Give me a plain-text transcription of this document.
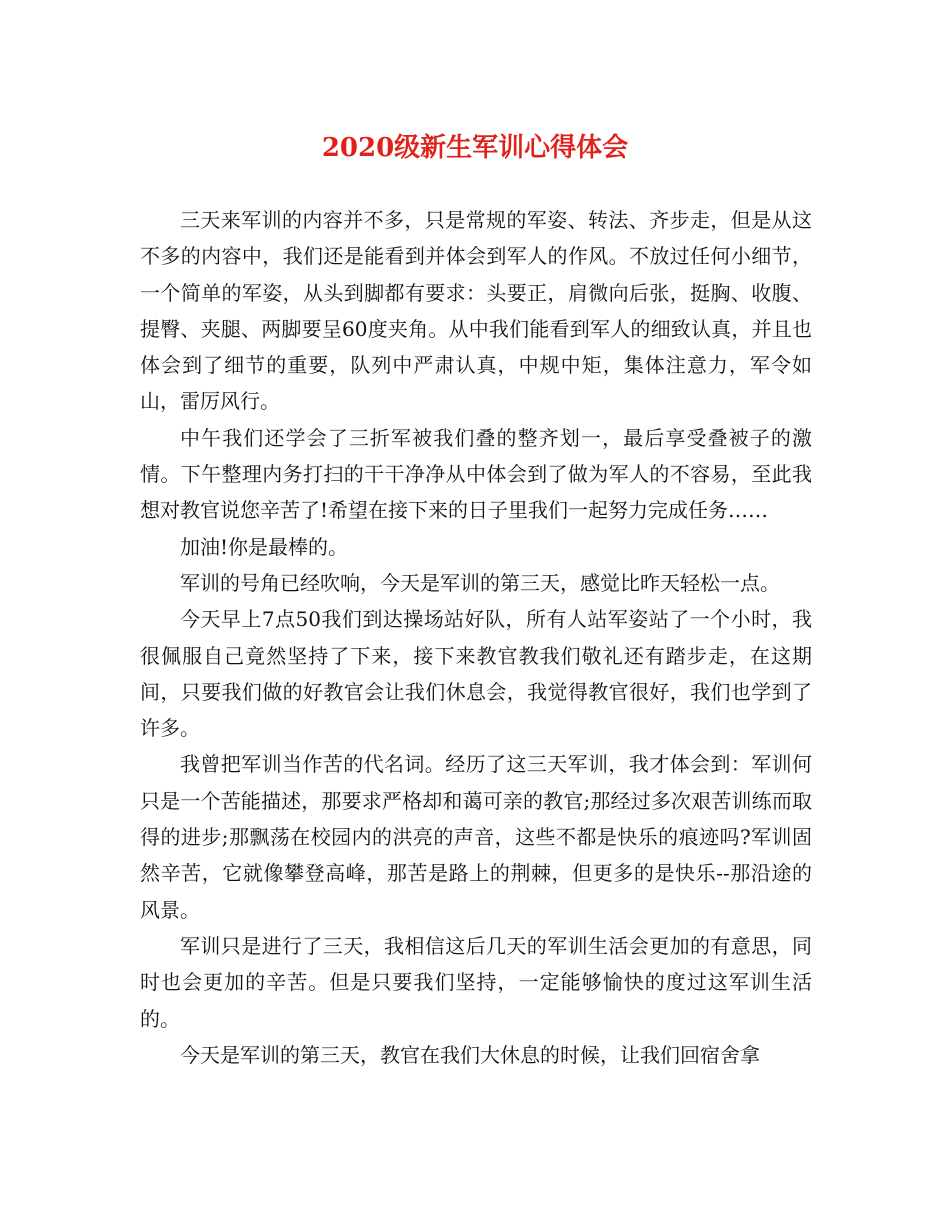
2020级新生军训心得体会

三天来军训的内容并不多，只是常规的军姿、转法、齐步走，但是从这不多的内容中，我们还是能看到并体会到军人的作风。不放过任何小细节，一个简单的军姿，从头到脚都有要求：头要正，肩微向后张，挺胸、收腹、提臀、夹腿、两脚要呈60度夹角。从中我们能看到军人的细致认真，并且也体会到了细节的重要，队列中严肃认真，中规中矩，集体注意力，军令如山，雷厉风行。

中午我们还学会了三折军被我们叠的整齐划一，最后享受叠被子的激情。下午整理内务打扫的干干净净从中体会到了做为军人的不容易，至此我想对教官说您辛苦了!希望在接下来的日子里我们一起努力完成任务……

加油!你是最棒的。

军训的号角已经吹响，今天是军训的第三天，感觉比昨天轻松一点。

今天早上7点50我们到达操场站好队，所有人站军姿站了一个小时，我很佩服自己竟然坚持了下来，接下来教官教我们敬礼还有踏步走，在这期间，只要我们做的好教官会让我们休息会，我觉得教官很好，我们也学到了许多。

我曾把军训当作苦的代名词。经历了这三天军训，我才体会到：军训何只是一个苦能描述，那要求严格却和蔼可亲的教官;那经过多次艰苦训练而取得的进步;那飘荡在校园内的洪亮的声音，这些不都是快乐的痕迹吗?军训固然辛苦，它就像攀登高峰，那苦是路上的荆棘，但更多的是快乐--那沿途的风景。

军训只是进行了三天，我相信这后几天的军训生活会更加的有意思，同时也会更加的辛苦。但是只要我们坚持，一定能够愉快的度过这军训生活的。

今天是军训的第三天，教官在我们大休息的时候，让我们回宿舍拿
